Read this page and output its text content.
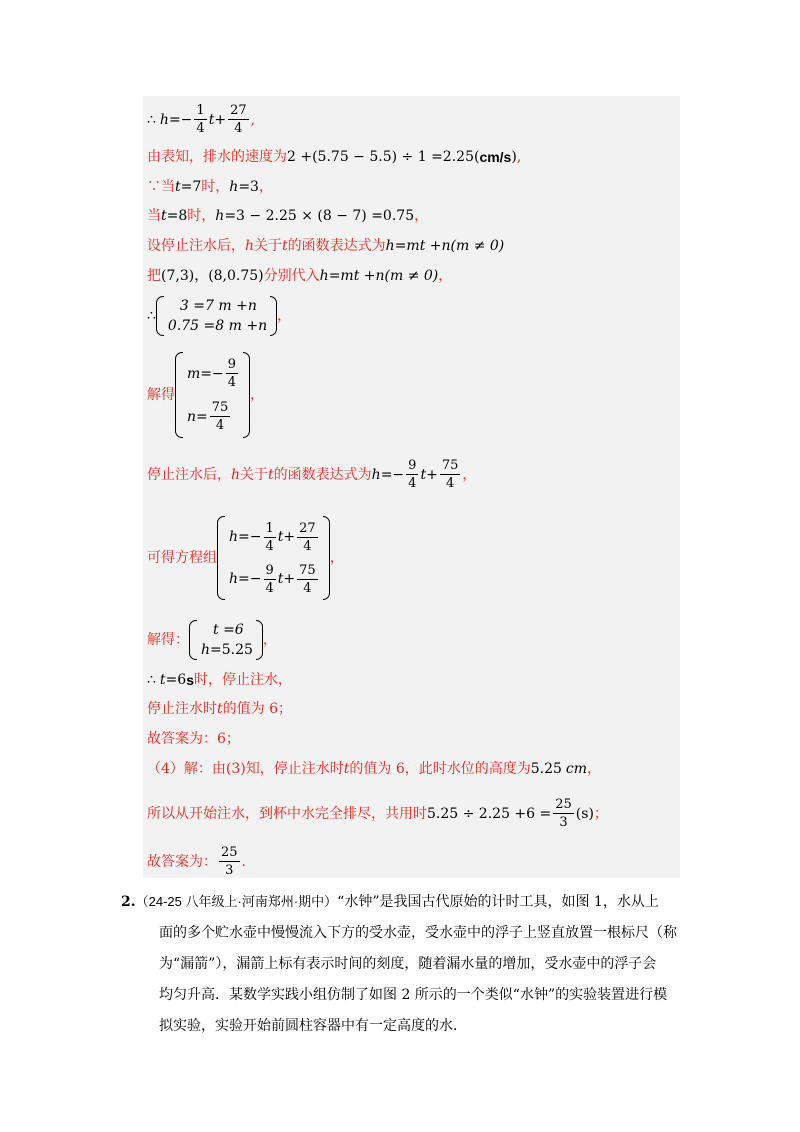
∴ $h =- \frac{1}{4}$ $t + \frac{27}{4}$ ,
由表知，排水的速度为 2 +(5.75 − 5.5) ÷ 1 =2.25( cm/s ) ,
∵当 t =7 时， h =3 ，
当 t =8 时， h =3 − 2.25 × (8 − 7) =0.75 ，
设停止注水后， h 关于 t 的函数表达式为 h =mt +n(m ≠ 0)
把 (7,3)，(8,0.75) 分别代入 h =mt +n(m ≠ 0) ，
∴
3 =7 m +n
0.75 =8 m +n
，
解得
$m =- \frac{9}{4}$
$n = \frac{75}{4}$
，
停止注水后， h 关于 t 的函数表达式为 $h =- \frac{9}{4}$ $t + \frac{75}{4}$ ，
可得方程组
$h =- \frac{1}{4}$ $t + \frac{27}{4}$
$h =- \frac{9}{4}$ $t + \frac{75}{4}$
，
解得：
t =6
h =5.25
，
∴ t =6 s 时，停止注水，
停止注水时 t 的值为 6；
故答案为：6；
（4）解：由(3)知，停止注水时 t 的值为 6，此时水位的高度为 5.25 cm ，
所以从开始注水，到杯中水完全排尽，共用时 $5.25 \div 2.25 +6 = \frac{25}{3} (s)$ ；
故答案为： $\frac{25}{3}$ .

2.（24-25 八年级上·河南郑州·期中）“水钟”是我国古代原始的计时工具，如图 1，水从上

面的多个贮水壶中慢慢流入下方的受水壶，受水壶中的浮子上竖直放置一根标尺（称

为“漏箭”），漏箭上标有表示时间的刻度，随着漏水量的增加，受水壶中的浮子会

均匀升高．某数学实践小组仿制了如图 2 所示的一个类似“水钟”的实验装置进行模

拟实验，实验开始前圆柱容器中有一定高度的水．
